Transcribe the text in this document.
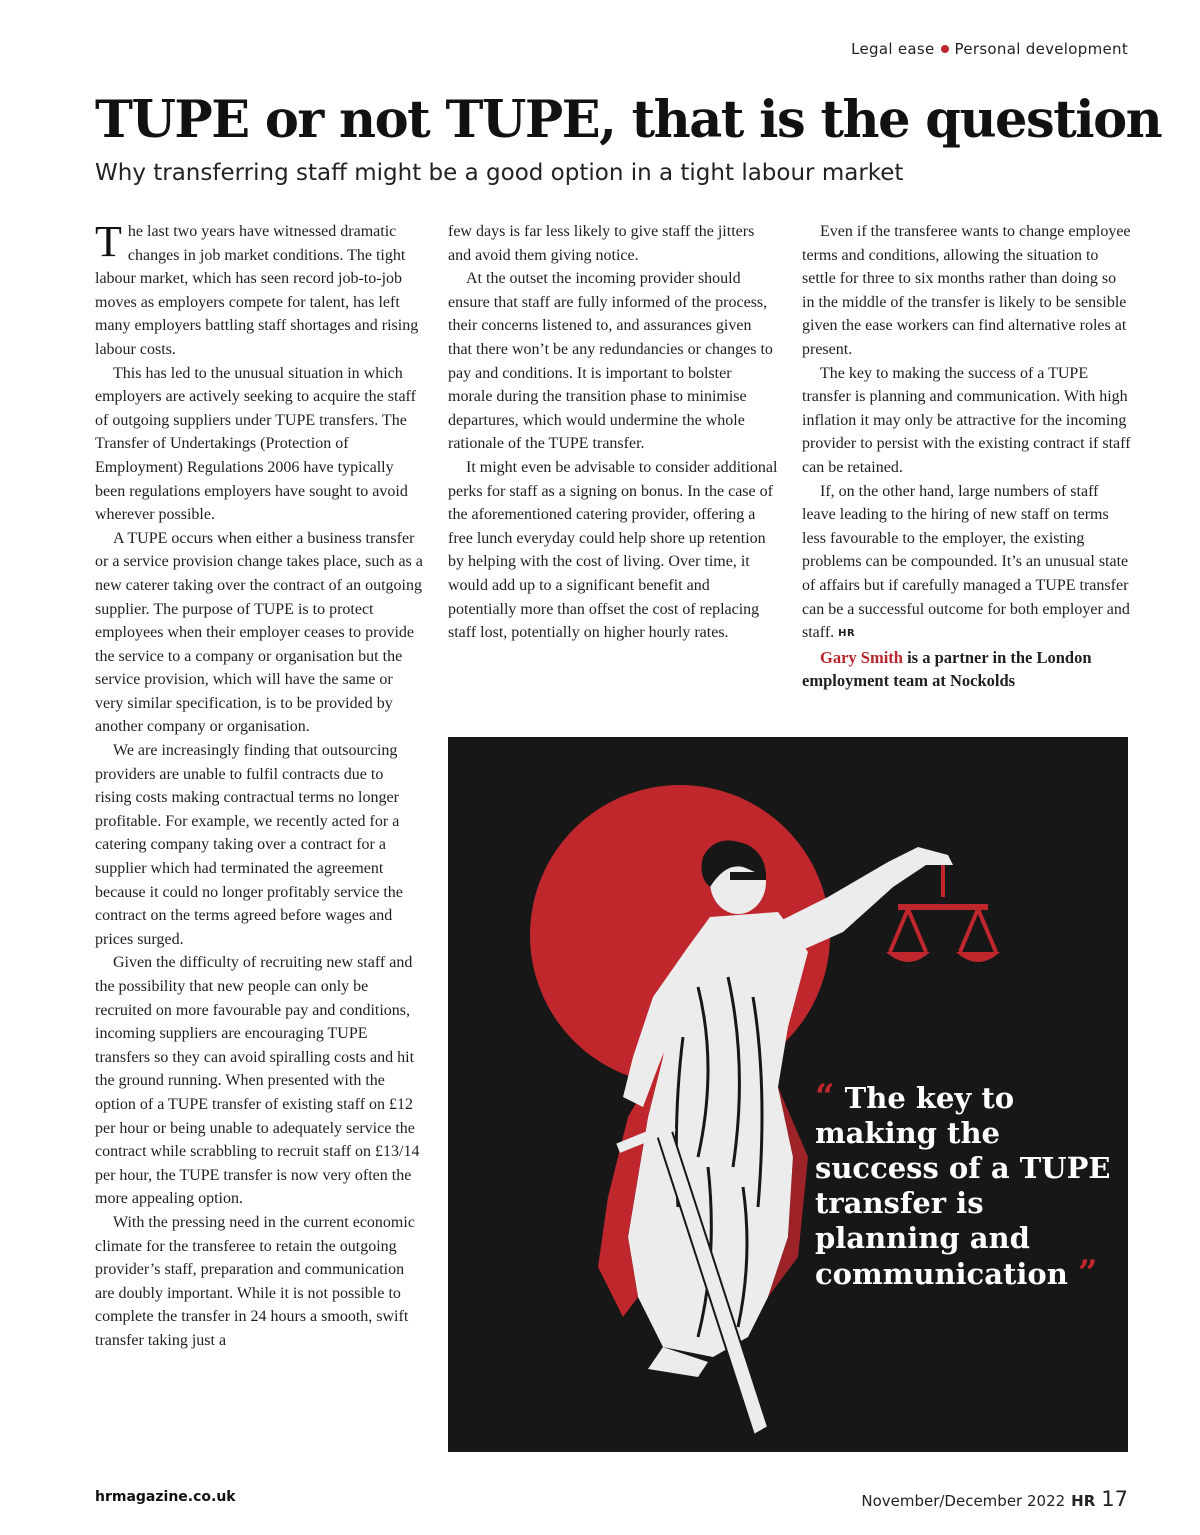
Legal ease Personal development
TUPE or not TUPE, that is the question

Why transferring staff might be a good option in a tight labour market

The last two years have witnessed dramatic changes in job market conditions. The tight labour market, which has seen record job-to-job moves as employers compete for talent, has left many employers battling staff shortages and rising labour costs.

This has led to the unusual situation in which employers are actively seeking to acquire the staff of outgoing suppliers under TUPE transfers. The Transfer of Undertakings (Protection of Employment) Regulations 2006 have typically been regulations employers have sought to avoid wherever possible.

A TUPE occurs when either a business transfer or a service provision change takes place, such as a new caterer taking over the contract of an outgoing supplier. The purpose of TUPE is to protect employees when their employer ceases to provide the service to a company or organisation but the service provision, which will have the same or very similar specification, is to be provided by another company or organisation.

We are increasingly finding that outsourcing providers are unable to fulfil contracts due to rising costs making contractual terms no longer profitable. For example, we recently acted for a catering company taking over a contract for a supplier which had terminated the agreement because it could no longer profitably service the contract on the terms agreed before wages and prices surged.

Given the difficulty of recruiting new staff and the possibility that new people can only be recruited on more favourable pay and conditions, incoming suppliers are encouraging TUPE transfers so they can avoid spiralling costs and hit the ground running. When presented with the option of a TUPE transfer of existing staff on £12 per hour or being unable to adequately service the contract while scrabbling to recruit staff on £13/14 per hour, the TUPE transfer is now very often the more appealing option.

With the pressing need in the current economic climate for the transferee to retain the outgoing provider’s staff, preparation and communication are doubly important. While it is not possible to complete the transfer in 24 hours a smooth, swift transfer taking just a

few days is far less likely to give staff the jitters and avoid them giving notice.

At the outset the incoming provider should ensure that staff are fully informed of the process, their concerns listened to, and assurances given that there won’t be any redundancies or changes to pay and conditions. It is important to bolster morale during the transition phase to minimise departures, which would undermine the whole rationale of the TUPE transfer.

It might even be advisable to consider additional perks for staff as a signing on bonus. In the case of the aforementioned catering provider, offering a free lunch everyday could help shore up retention by helping with the cost of living. Over time, it would add up to a significant benefit and potentially more than offset the cost of replacing staff lost, potentially on higher hourly rates.

Even if the transferee wants to change employee terms and conditions, allowing the situation to settle for three to six months rather than doing so in the middle of the transfer is likely to be sensible given the ease workers can find alternative roles at present.

The key to making the success of a TUPE transfer is planning and communication. With high inflation it may only be attractive for the incoming provider to persist with the existing contract if staff can be retained.

If, on the other hand, large numbers of staff leave leading to the hiring of new staff on terms less favourable to the employer, the existing problems can be compounded. It’s an unusual state of affairs but if carefully managed a TUPE transfer can be a successful outcome for both employer and staff. HR

Gary Smith is a partner in the London employment team at Nockolds

“ The key to making the success of a TUPE transfer is planning and communication ”
hrmagazine.co.uk	November/December 2022 HR 17
